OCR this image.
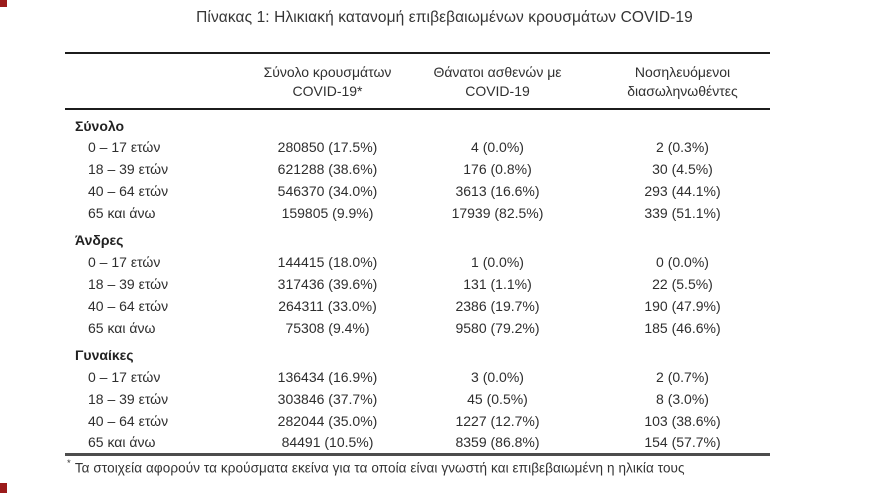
Πίνακας 1: Ηλικιακή κατανομή επιβεβαιωμένων κρουσμάτων COVID-19

Σύνολο κρουσμάτων
COVID-19*

Θάνατοι ασθενών με
COVID-19

Νοσηλευόμενοι
διασωληνωθέντες

Σύνολο			
0 – 17 ετών	280850 (17.5%)	4 (0.0%)	2 (0.3%)
18 – 39 ετών	621288 (38.6%)	176 (0.8%)	30 (4.5%)
40 – 64 ετών	546370 (34.0%)	3613 (16.6%)	293 (44.1%)
65 και άνω	159805 (9.9%)	17939 (82.5%)	339 (51.1%)
Άνδρες			
0 – 17 ετών	144415 (18.0%)	1 (0.0%)	0 (0.0%)
18 – 39 ετών	317436 (39.6%)	131 (1.1%)	22 (5.5%)
40 – 64 ετών	264311 (33.0%)	2386 (19.7%)	190 (47.9%)
65 και άνω	75308 (9.4%)	9580 (79.2%)	185 (46.6%)
Γυναίκες			
0 – 17 ετών	136434 (16.9%)	3 (0.0%)	2 (0.7%)
18 – 39 ετών	303846 (37.7%)	45 (0.5%)	8 (3.0%)
40 – 64 ετών	282044 (35.0%)	1227 (12.7%)	103 (38.6%)
65 και άνω	84491 (10.5%)	8359 (86.8%)	154 (57.7%)
* Τα στοιχεία αφορούν τα κρούσματα εκείνα για τα οποία είναι γνωστή και επιβεβαιωμένη η ηλικία τους
